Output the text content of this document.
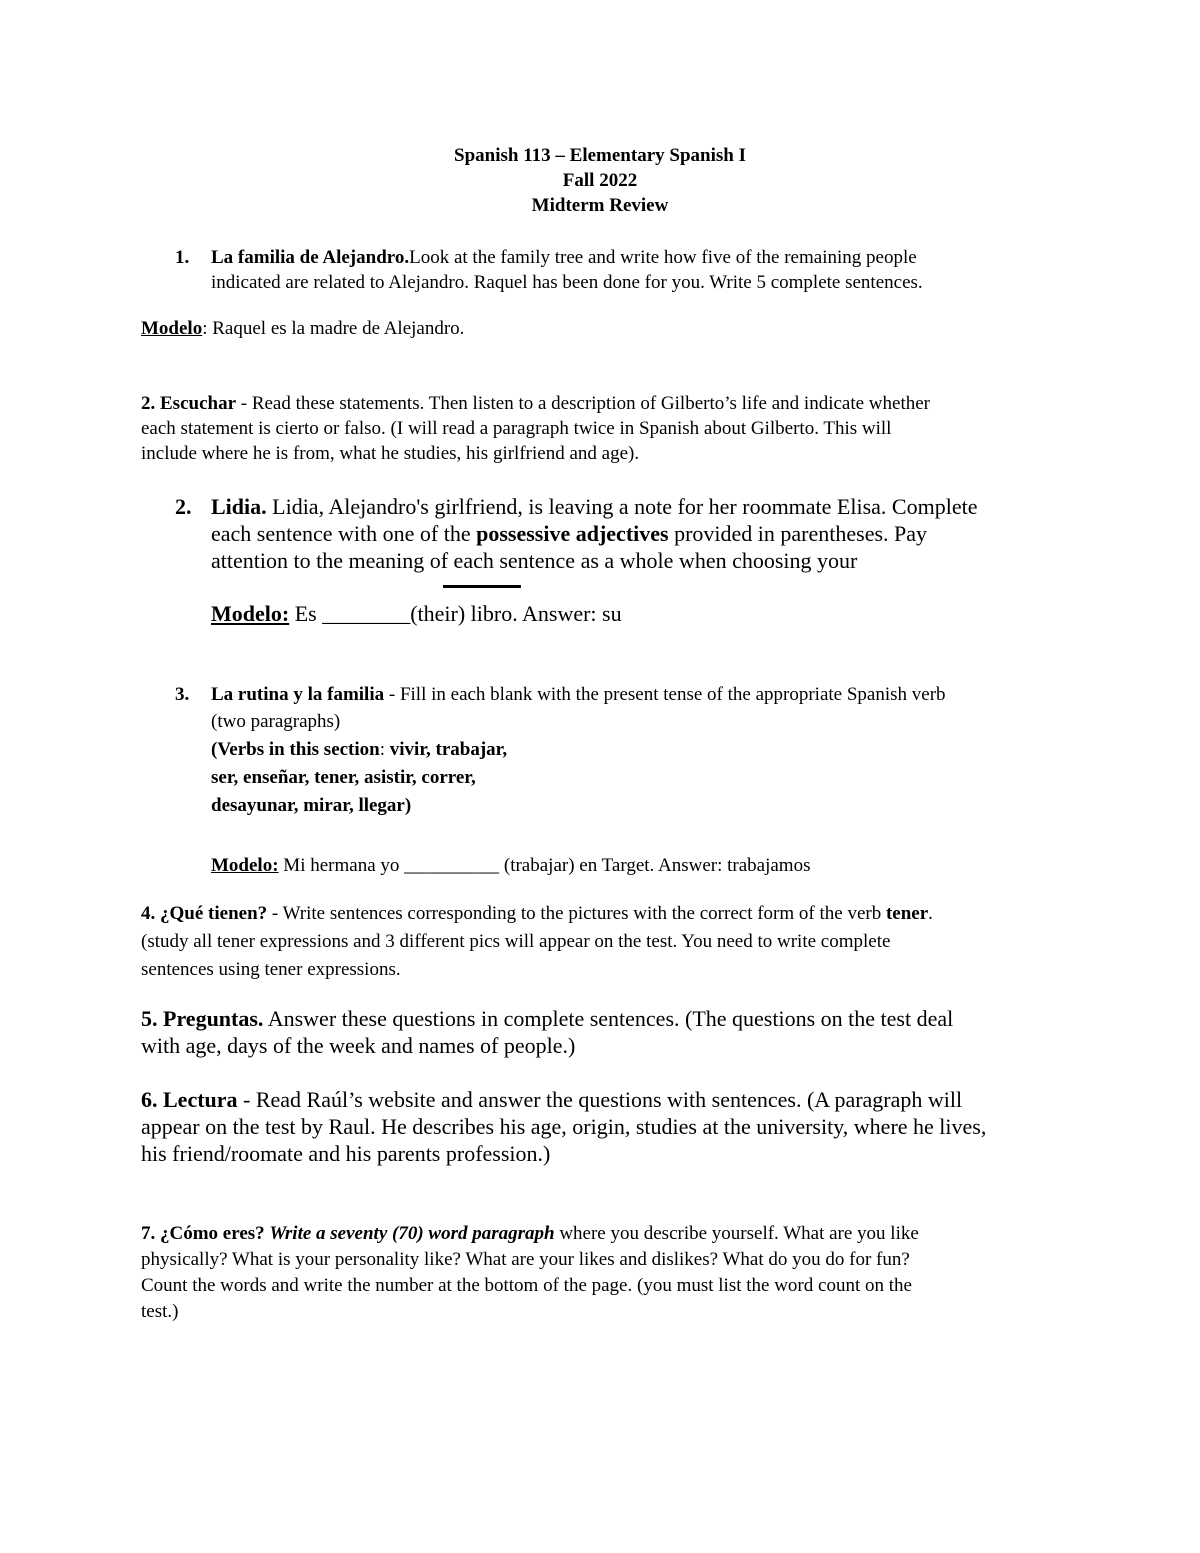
Spanish 113 – Elementary Spanish I
Fall 2022
Midterm Review
1. La familia de Alejandro.Look at the family tree and write how five of the remaining people
indicated are related to Alejandro. Raquel has been done for you. Write 5 complete sentences.
Modelo: Raquel es la madre de Alejandro.
2. Escuchar - Read these statements. Then listen to a description of Gilberto’s life and indicate whether
each statement is cierto or falso. (I will read a paragraph twice in Spanish about Gilberto. This will
include where he is from, what he studies, his girlfriend and age).
2. Lidia. Lidia, Alejandro's girlfriend, is leaving a note for her roommate Elisa. Complete
each sentence with one of the possessive adjectives provided in parentheses. Pay
attention to the meaning of each sentence as a whole when choosing your
Modelo: Es ________(their) libro. Answer: su
3. La rutina y la familia - Fill in each blank with the present tense of the appropriate Spanish verb
(two paragraphs)
(Verbs in this section: vivir, trabajar,
ser, enseñar, tener, asistir, correr,
desayunar, mirar, llegar)
Modelo: Mi hermana yo __________ (trabajar) en Target. Answer: trabajamos
4. ¿Qué tienen? - Write sentences corresponding to the pictures with the correct form of the verb tener.
(study all tener expressions and 3 different pics will appear on the test. You need to write complete
sentences using tener expressions.
5. Preguntas. Answer these questions in complete sentences. (The questions on the test deal
with age, days of the week and names of people.)
6. Lectura - Read Raúl’s website and answer the questions with sentences. (A paragraph will
appear on the test by Raul. He describes his age, origin, studies at the university, where he lives,
his friend/roomate and his parents profession.)
7. ¿Cómo eres? Write a seventy (70) word paragraph where you describe yourself. What are you like
physically? What is your personality like? What are your likes and dislikes? What do you do for fun?
Count the words and write the number at the bottom of the page. (you must list the word count on the
test.)
